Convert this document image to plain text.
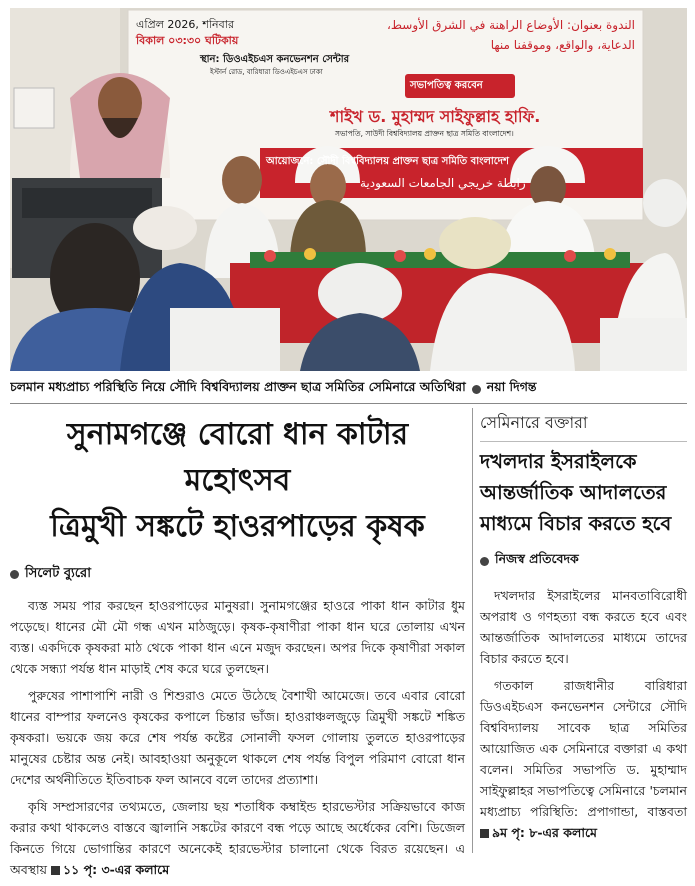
এপ্রিল 2026, শনিবার
বিকাল ০৩:৩০ ঘটিকায়
স্থান: ডিওএইচএস কনভেনশন সেন্টার
ইস্টার্ন রোড, বারিধারা ডিওএইচএস ঢাকা
الندوة بعنوان: الأوضاع الراهنة في الشرق الأوسط،
الدعاية، والواقع، وموقفنا منها
সভাপতিত্ব করবেন
শাইখ ড. মুহাম্মদ সাইফুল্লাহ হাফি.
সভাপতি, সাউদী বিশ্ববিদ্যালয় প্রাক্তন ছাত্র সমিতি বাংলাদেশ।
আয়োজনে: সৌদী বিশ্ববিদ্যালয় প্রাক্তন ছাত্র সমিতি বাংলাদেশ
رابطة خريجي الجامعات السعودية
চলমান মধ্যপ্রাচ্য পরিস্থিতি নিয়ে সৌদি বিশ্ববিদ্যালয় প্রাক্তন ছাত্র সমিতির সেমিনারে অতিথিরা নয়া দিগন্ত
সুনামগঞ্জে বোরো ধান কাটার মহোৎসব
ত্রিমুখী সঙ্কটে হাওরপাড়ের কৃষক
সিলেট ব্যুরো

ব্যস্ত সময় পার করছেন হাওরপাড়ের মানুষরা। সুনামগঞ্জের হাওরে পাকা ধান কাটার ধুম পড়েছে। ধানের মৌ মৌ গন্ধ এখন মাঠজুড়ে। কৃষক-কৃষাণীরা পাকা ধান ঘরে তোলায় এখন ব্যস্ত। একদিকে কৃষকরা মাঠ থেকে পাকা ধান এনে মজুদ করছেন। অপর দিকে কৃষাণীরা সকাল থেকে সন্ধ্যা পর্যন্ত ধান মাড়াই শেষ করে ঘরে তুলছেন।

পুরুষের পাশাপাশি নারী ও শিশুরাও মেতে উঠেছে বৈশাখী আমেজে। তবে এবার বোরো ধানের বাম্পার ফলনেও কৃষকের কপালে চিন্তার ভাঁজ। হাওরাঞ্চলজুড়ে ত্রিমুখী সঙ্কটে শঙ্কিত কৃষকরা। ভয়কে জয় করে শেষ পর্যন্ত কষ্টের সোনালী ফসল গোলায় তুলতে হাওরপাড়ের মানুষের চেষ্টার অন্ত নেই। আবহাওয়া অনুকূলে থাকলে শেষ পর্যন্ত বিপুল পরিমাণ বোরো ধান দেশের অর্থনীতিতে ইতিবাচক ফল আনবে বলে তাদের প্রত্যাশা।

কৃষি সম্প্রসারণের তথ্যমতে, জেলায় ছয় শতাধিক কম্বাইন্ড হারভেস্টার সক্রিয়ভাবে কাজ করার কথা থাকলেও বাস্তবে জ্বালানি সঙ্কটের কারণে বন্ধ পড়ে আছে অর্ধেকের বেশি। ডিজেল কিনতে গিয়ে ভোগান্তির কারণে অনেকেই হারভেস্টার চালানো থেকে বিরত রয়েছেন। এ অবস্থায় ১১ পৃ: ৩-এর কলামে

সেমিনারে বক্তারা
দখলদার ইসরাইলকে
আন্তর্জাতিক আদালতের
মাধ্যমে বিচার করতে হবে
নিজস্ব প্রতিবেদক

দখলদার ইসরাইলের মানবতাবিরোধী অপরাধ ও গণহত্যা বন্ধ করতে হবে এবং আন্তর্জাতিক আদালতের মাধ্যমে তাদের বিচার করতে হবে।

গতকাল রাজধানীর বারিধারা ডিওএইচএস কনভেনশন সেন্টারে সৌদি বিশ্ববিদ্যালয় সাবেক ছাত্র সমিতির আয়োজিত এক সেমিনারে বক্তারা এ কথা বলেন। সমিতির সভাপতি ড. মুহাম্মাদ সাইফুল্লাহর সভাপতিত্বে সেমিনারে 'চলমান মধ্যপ্রাচ্য পরিস্থিতি: প্রপাগান্ডা, বাস্তবতা ৯ম পৃ: ৮-এর কলামে
